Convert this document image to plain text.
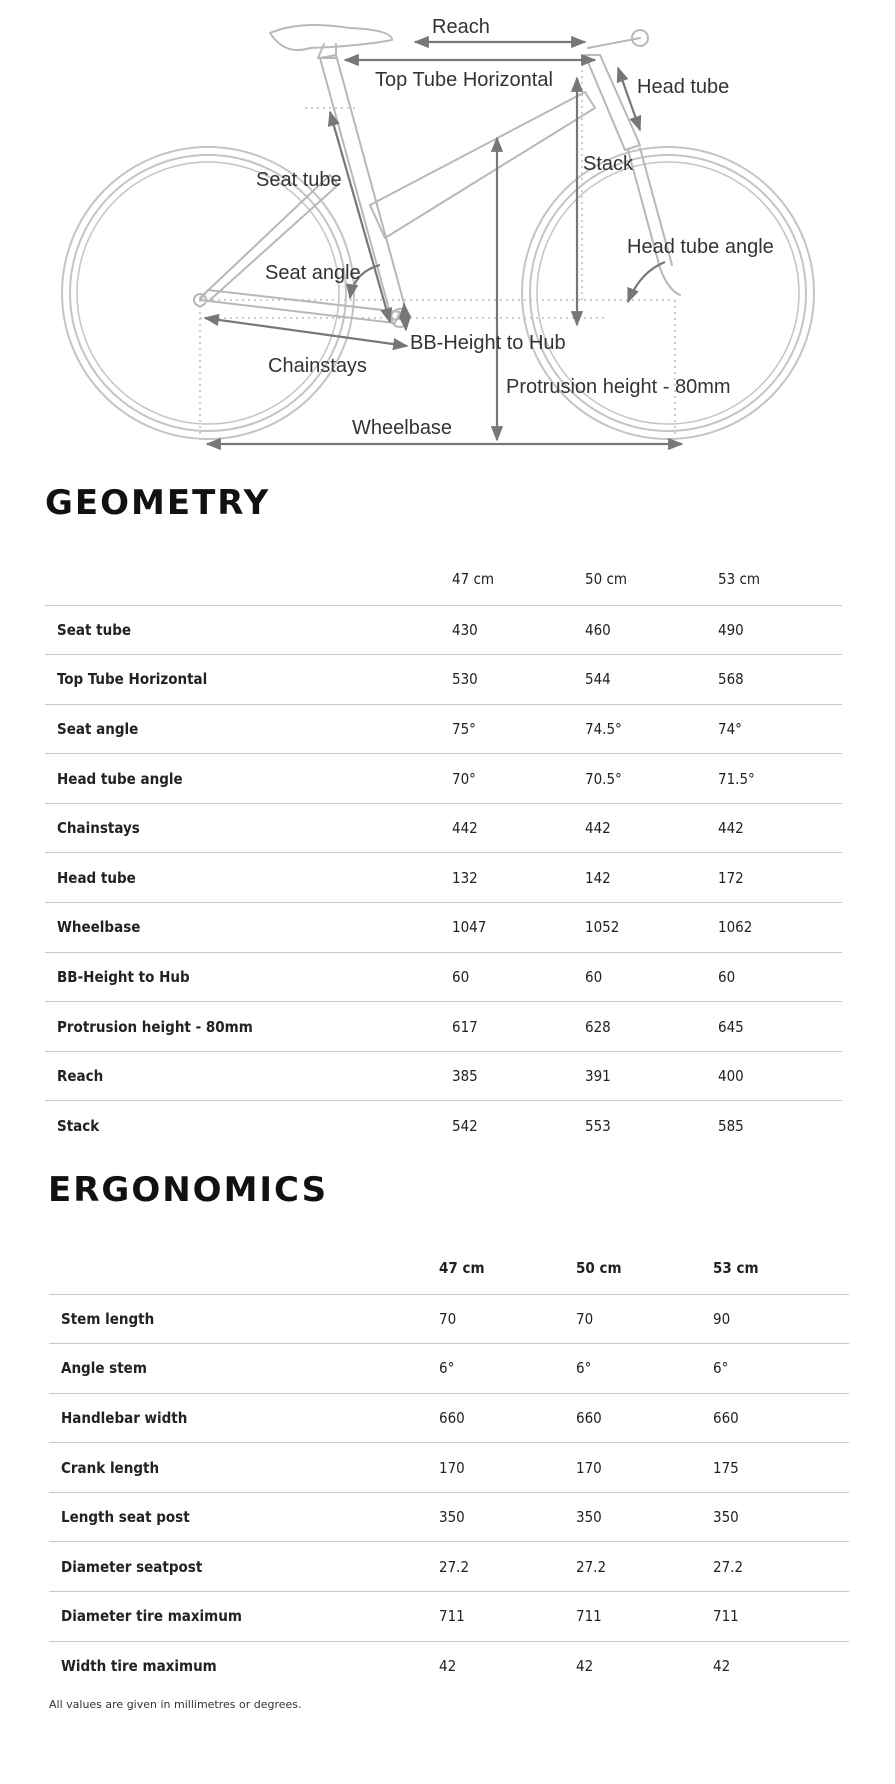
Reach
Top Tube Horizontal	Head tube
Stack
Seat tube
Head tube angle
Seat angle
BB-Height to Hub
Chainstays
Protrusion height - 80mm
Wheelbase
GEOMETRY
	47 cm	50 cm	53 cm
Seat tube	430	460	490
Top Tube Horizontal	530	544	568
Seat angle	75°	74.5°	74°
Head tube angle	70°	70.5°	71.5°
Chainstays	442	442	442
Head tube	132	142	172
Wheelbase	1047	1052	1062
BB-Height to Hub	60	60	60
Protrusion height - 80mm	617	628	645
Reach	385	391	400
Stack	542	553	585
ERGONOMICS
	47 cm	50 cm	53 cm
Stem length	70	70	90
Angle stem	6°	6°	6°
Handlebar width	660	660	660
Crank length	170	170	175
Length seat post	350	350	350
Diameter seatpost	27.2	27.2	27.2
Diameter tire maximum	711	711	711
Width tire maximum	42	42	42
All values are given in millimetres or degrees.
